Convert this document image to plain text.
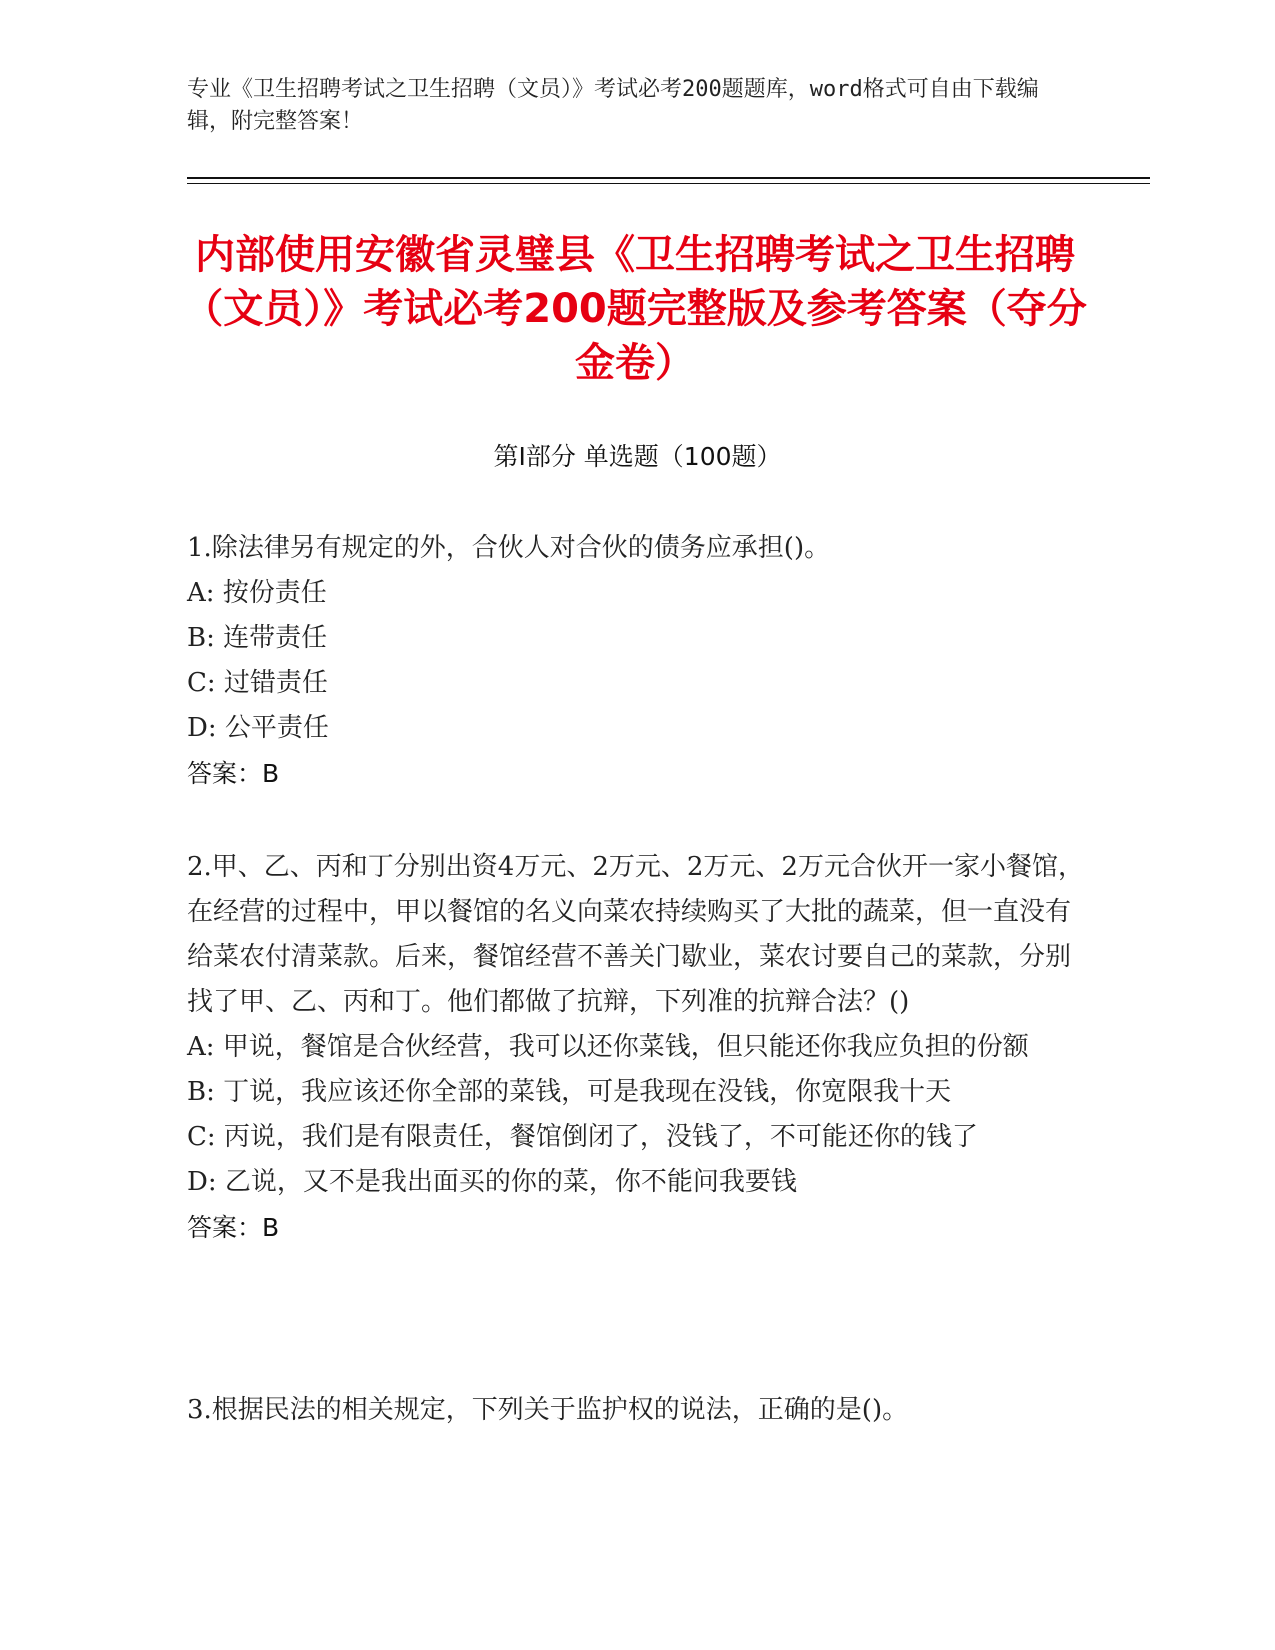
专业《卫生招聘考试之卫生招聘（文员）》考试必考200题题库，word格式可自由下载编辑，附完整答案！
内部使用安徽省灵璧县《卫生招聘考试之卫生招聘（文员）》考试必考200题完整版及参考答案（夺分金卷）
第Ⅰ部分 单选题（100题）
1.除法律另有规定的外，合伙人对合伙的债务应承担()。
A: 按份责任
B: 连带责任
C: 过错责任
D: 公平责任
答案：B
2.甲、乙、丙和丁分别出资4万元、2万元、2万元、2万元合伙开一家小餐馆，在经营的过程中，甲以餐馆的名义向菜农持续购买了大批的蔬菜，但一直没有给菜农付清菜款。后来，餐馆经营不善关门歇业，菜农讨要自己的菜款，分别找了甲、乙、丙和丁。他们都做了抗辩，下列准的抗辩合法？()
A: 甲说，餐馆是合伙经营，我可以还你菜钱，但只能还你我应负担的份额
B: 丁说，我应该还你全部的菜钱，可是我现在没钱，你宽限我十天
C: 丙说，我们是有限责任，餐馆倒闭了，没钱了，不可能还你的钱了
D: 乙说，又不是我出面买的你的菜，你不能问我要钱
答案：B
3.根据民法的相关规定，下列关于监护权的说法，正确的是()。
